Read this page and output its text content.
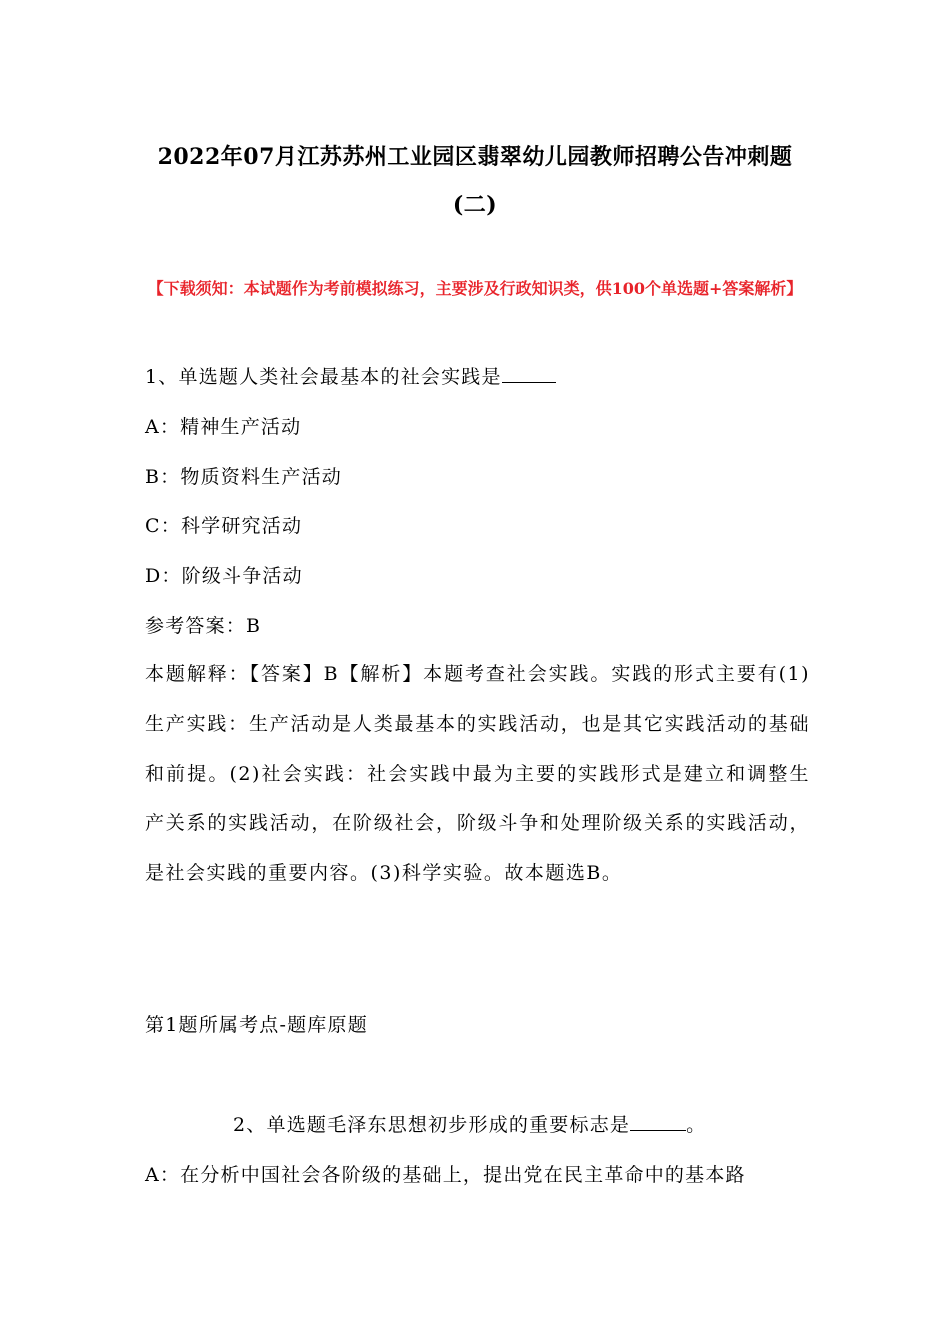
2022年07月江苏苏州工业园区翡翠幼儿园教师招聘公告冲刺题
(二)
【下载须知：本试题作为考前模拟练习，主要涉及行政知识类，供100个单选题+答案解析】
1、单选题人类社会最基本的社会实践是
A：精神生产活动
B：物质资料生产活动
C：科学研究活动
D：阶级斗争活动
参考答案：B
本题解释：【答案】B【解析】本题考查社会实践。实践的形式主要有(1)生产实践：生产活动是人类最基本的实践活动，也是其它实践活动的基础和前提。(2)社会实践：社会实践中最为主要的实践形式是建立和调整生产关系的实践活动，在阶级社会，阶级斗争和处理阶级关系的实践活动，是社会实践的重要内容。(3)科学实验。故本题选B。
第1题所属考点-题库原题
2、单选题毛泽东思想初步形成的重要标志是	。
A：在分析中国社会各阶级的基础上，提出党在民主革命中的基本路
